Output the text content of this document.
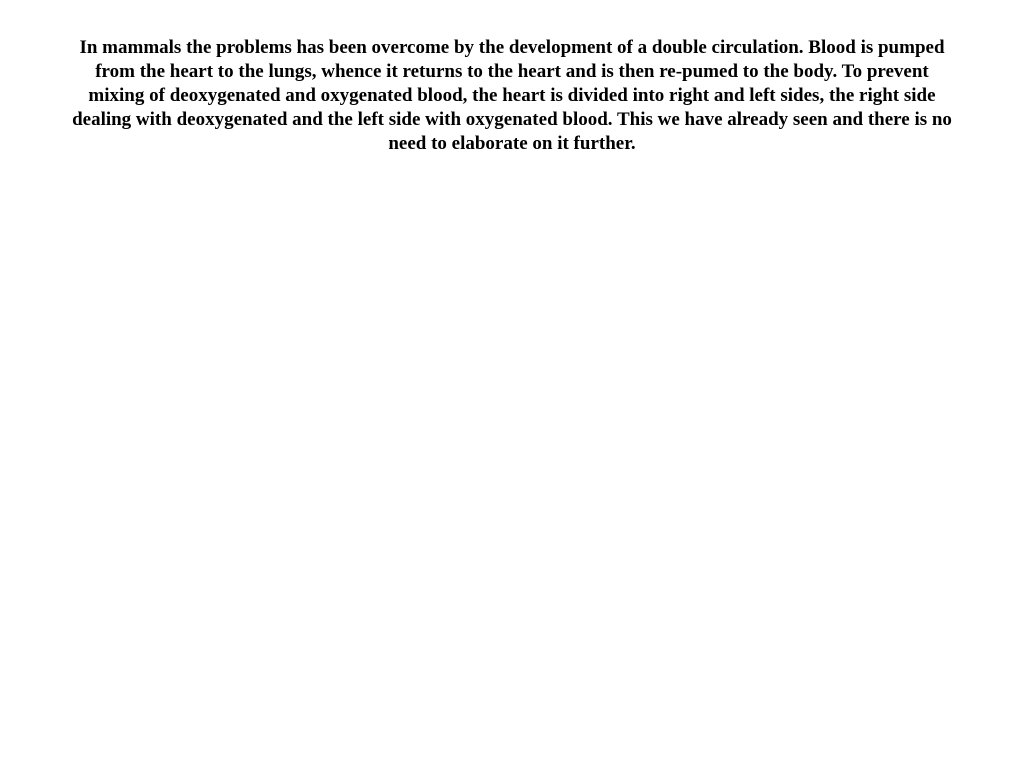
In mammals the problems has been overcome by the development of a double circulation. Blood is pumped from the heart to the lungs, whence it returns to the heart and is then re-pumed to the body. To prevent mixing of deoxygenated and oxygenated blood, the heart is divided into right and left sides, the right side dealing with deoxygenated and the left side with oxygenated blood. This we have already seen and there is no need to elaborate on it further.
